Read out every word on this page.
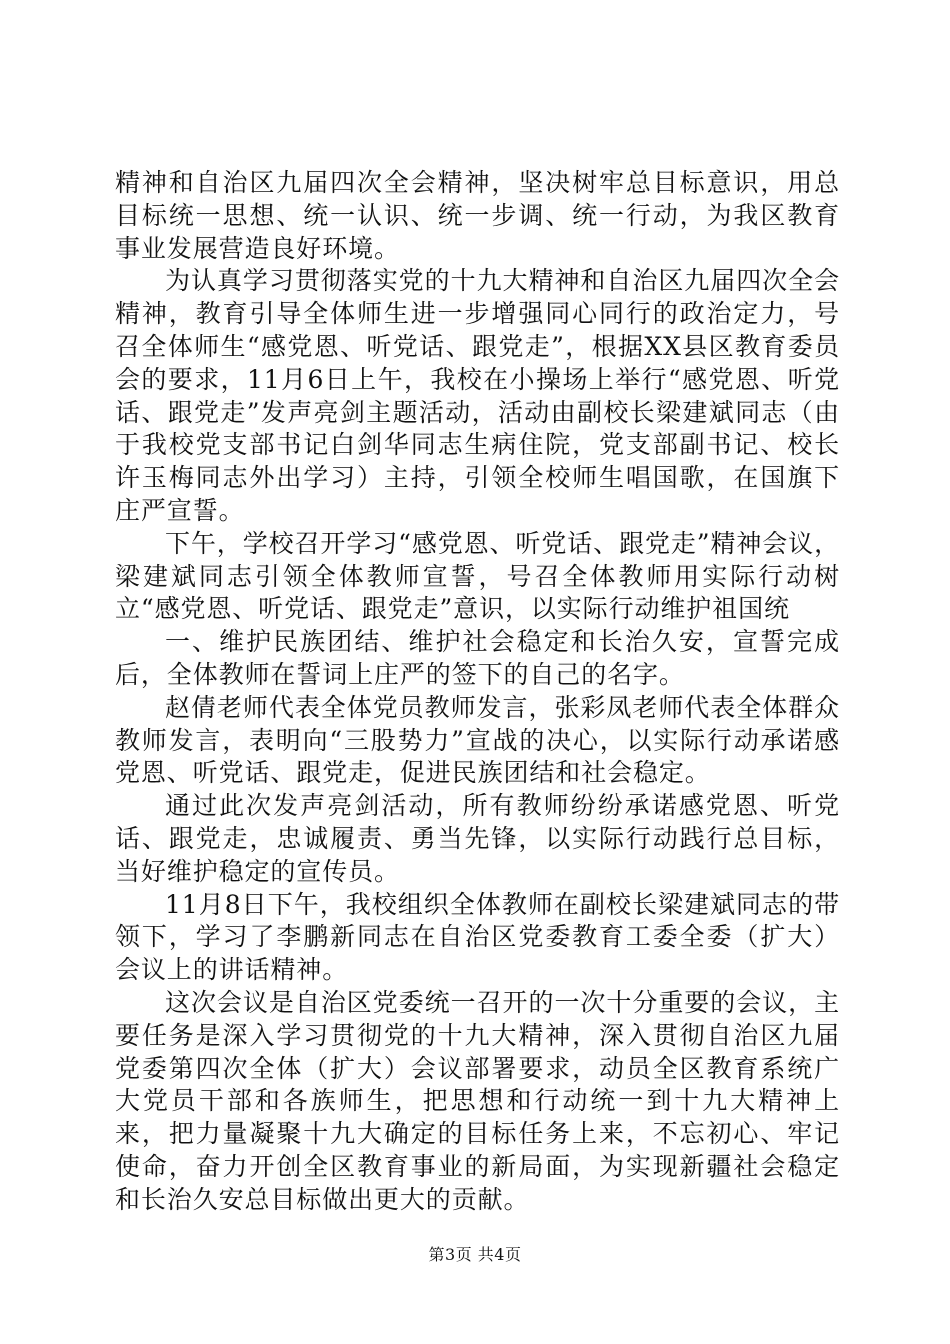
精神和自治区九届四次全会精神，坚决树牢总目标意识，用总目标统一思想、统一认识、统一步调、统一行动，为我区教育事业发展营造良好环境。

为认真学习贯彻落实党的十九大精神和自治区九届四次全会精神，教育引导全体师生进一步增强同心同行的政治定力，号召全体师生“感党恩、听党话、跟党走”，根据XX县区教育委员会的要求，11月6日上午，我校在小操场上举行“感党恩、听党话、跟党走”发声亮剑主题活动，活动由副校长梁建斌同志（由于我校党支部书记白剑华同志生病住院，党支部副书记、校长许玉梅同志外出学习）主持，引领全校师生唱国歌，在国旗下庄严宣誓。

下午，学校召开学习“感党恩、听党话、跟党走”精神会议，梁建斌同志引领全体教师宣誓，号召全体教师用实际行动树立“感党恩、听党话、跟党走”意识，以实际行动维护祖国统

一、维护民族团结、维护社会稳定和长治久安，宣誓完成后，全体教师在誓词上庄严的签下的自己的名字。

赵倩老师代表全体党员教师发言，张彩凤老师代表全体群众教师发言，表明向“三股势力”宣战的决心，以实际行动承诺感党恩、听党话、跟党走，促进民族团结和社会稳定。

通过此次发声亮剑活动，所有教师纷纷承诺感党恩、听党话、跟党走，忠诚履责、勇当先锋，以实际行动践行总目标，当好维护稳定的宣传员。

11月8日下午，我校组织全体教师在副校长梁建斌同志的带领下，学习了李鹏新同志在自治区党委教育工委全委（扩大）会议上的讲话精神。

这次会议是自治区党委统一召开的一次十分重要的会议，主要任务是深入学习贯彻党的十九大精神，深入贯彻自治区九届党委第四次全体（扩大）会议部署要求，动员全区教育系统广大党员干部和各族师生，把思想和行动统一到十九大精神上来，把力量凝聚十九大确定的目标任务上来，不忘初心、牢记使命，奋力开创全区教育事业的新局面，为实现新疆社会稳定和长治久安总目标做出更大的贡献。

第3页 共4页
